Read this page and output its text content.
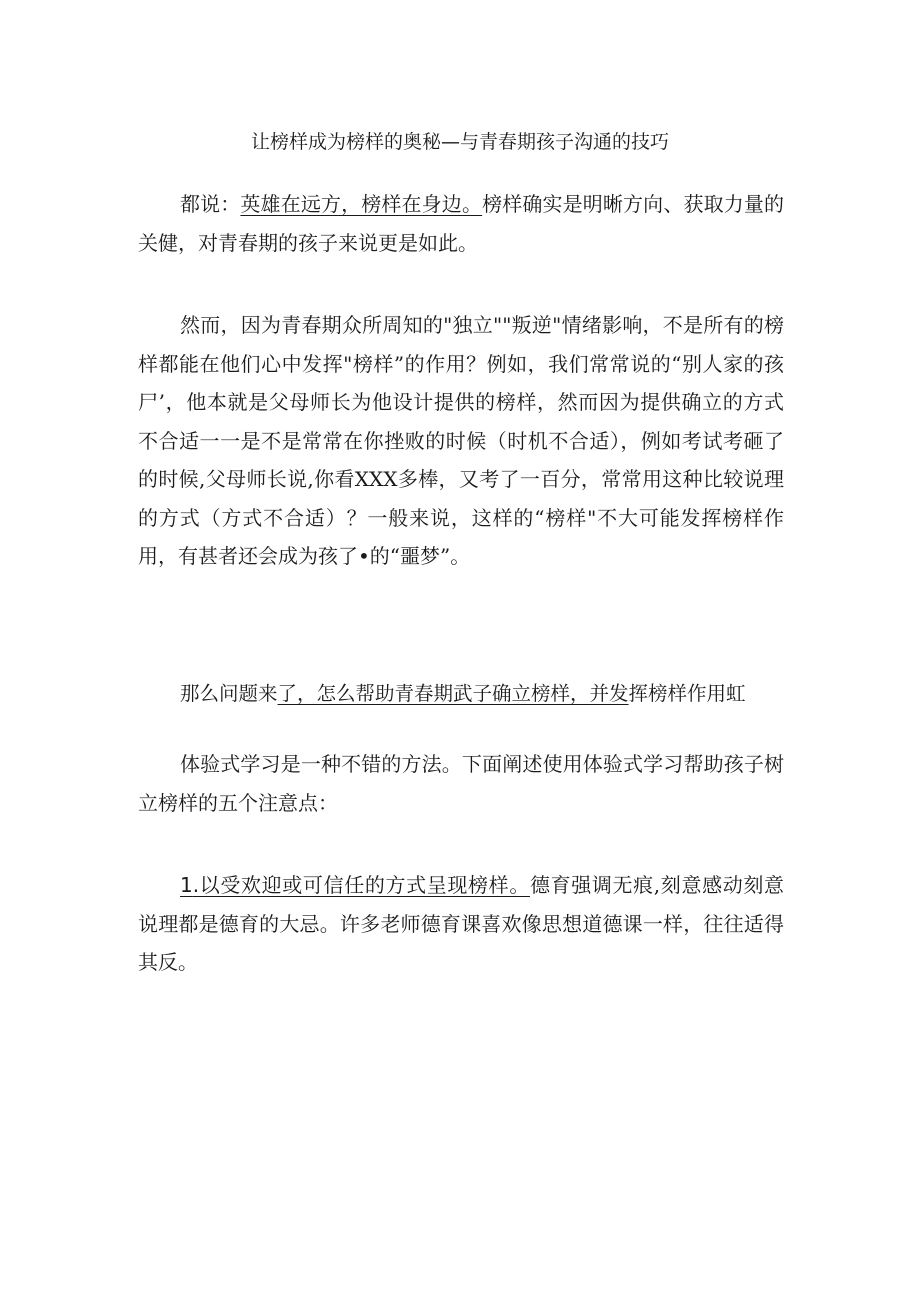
让榜样成为榜样的奥秘—与青春期孩子沟通的技巧

都说：英雄在远方，榜样在身边。榜样确实是明晰方向、获取力量的关健，对青春期的孩子来说更是如此。

然而，因为青春期众所周知的"独立""叛逆"情绪影响，不是所有的榜样都能在他们心中发挥"榜样”的作用？例如，我们常常说的“别人家的孩尸’，他本就是父母师长为他设计提供的榜样，然而因为提供确立的方式不合适一一是不是常常在你挫败的时候（时机不合适），例如考试考砸了的时候,父母师长说,你看XXX多棒，又考了一百分，常常用这种比较说理的方式（方式不合适）？一般来说，这样的“榜样"不大可能发挥榜样作用，有甚者还会成为孩了•的“噩梦”。

那么问题来了，怎么帮助青春期武子确立榜样，并发挥榜样作用虹

体验式学习是一种不错的方法。下面阐述使用体验式学习帮助孩子树立榜样的五个注意点：

1.以受欢迎或可信任的方式呈现榜样。德育强调无痕,刻意感动刻意说理都是德育的大忌。许多老师德育课喜欢像思想道德课一样，往往适得其反。
